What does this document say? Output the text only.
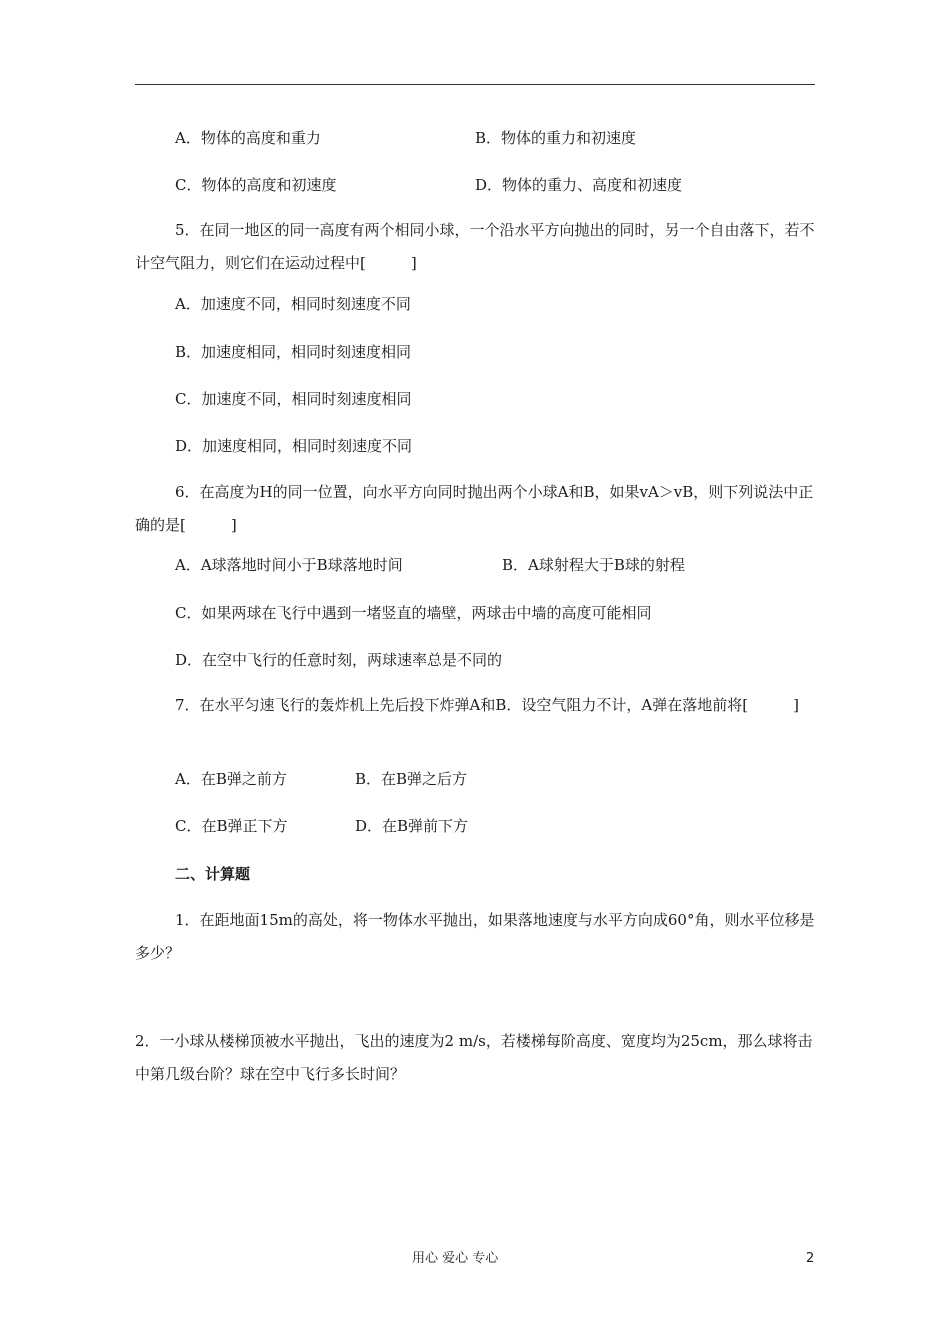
A．物体的高度和重力	B．物体的重力和初速度
C．物体的高度和初速度	D．物体的重力、高度和初速度
5．在同一地区的同一高度有两个相同小球，一个沿水平方向抛出的同时，另一个自由落下，若不计空气阻力，则它们在运动过程中[　　　]
A．加速度不同，相同时刻速度不同
B．加速度相同，相同时刻速度相同
C．加速度不同，相同时刻速度相同
D．加速度相同，相同时刻速度不同
6．在高度为H的同一位置，向水平方向同时抛出两个小球A和B，如果vA＞vB，则下列说法中正确的是[　　　]
A．A球落地时间小于B球落地时间	B．A球射程大于B球的射程
C．如果两球在飞行中遇到一堵竖直的墙壁，两球击中墙的高度可能相同
D．在空中飞行的任意时刻，两球速率总是不同的
7．在水平匀速飞行的轰炸机上先后投下炸弹A和B．设空气阻力不计，A弹在落地前将[　　　]
A．在B弹之前方	B．在B弹之后方
C．在B弹正下方	D．在B弹前下方
二、计算题
1．在距地面15m的高处，将一物体水平抛出，如果落地速度与水平方向成60°角，则水平位移是多少？
2．一小球从楼梯顶被水平抛出，飞出的速度为2 m/s，若楼梯每阶高度、宽度均为25cm，那么球将击中第几级台阶？球在空中飞行多长时间？
用心 爱心 专心	2
